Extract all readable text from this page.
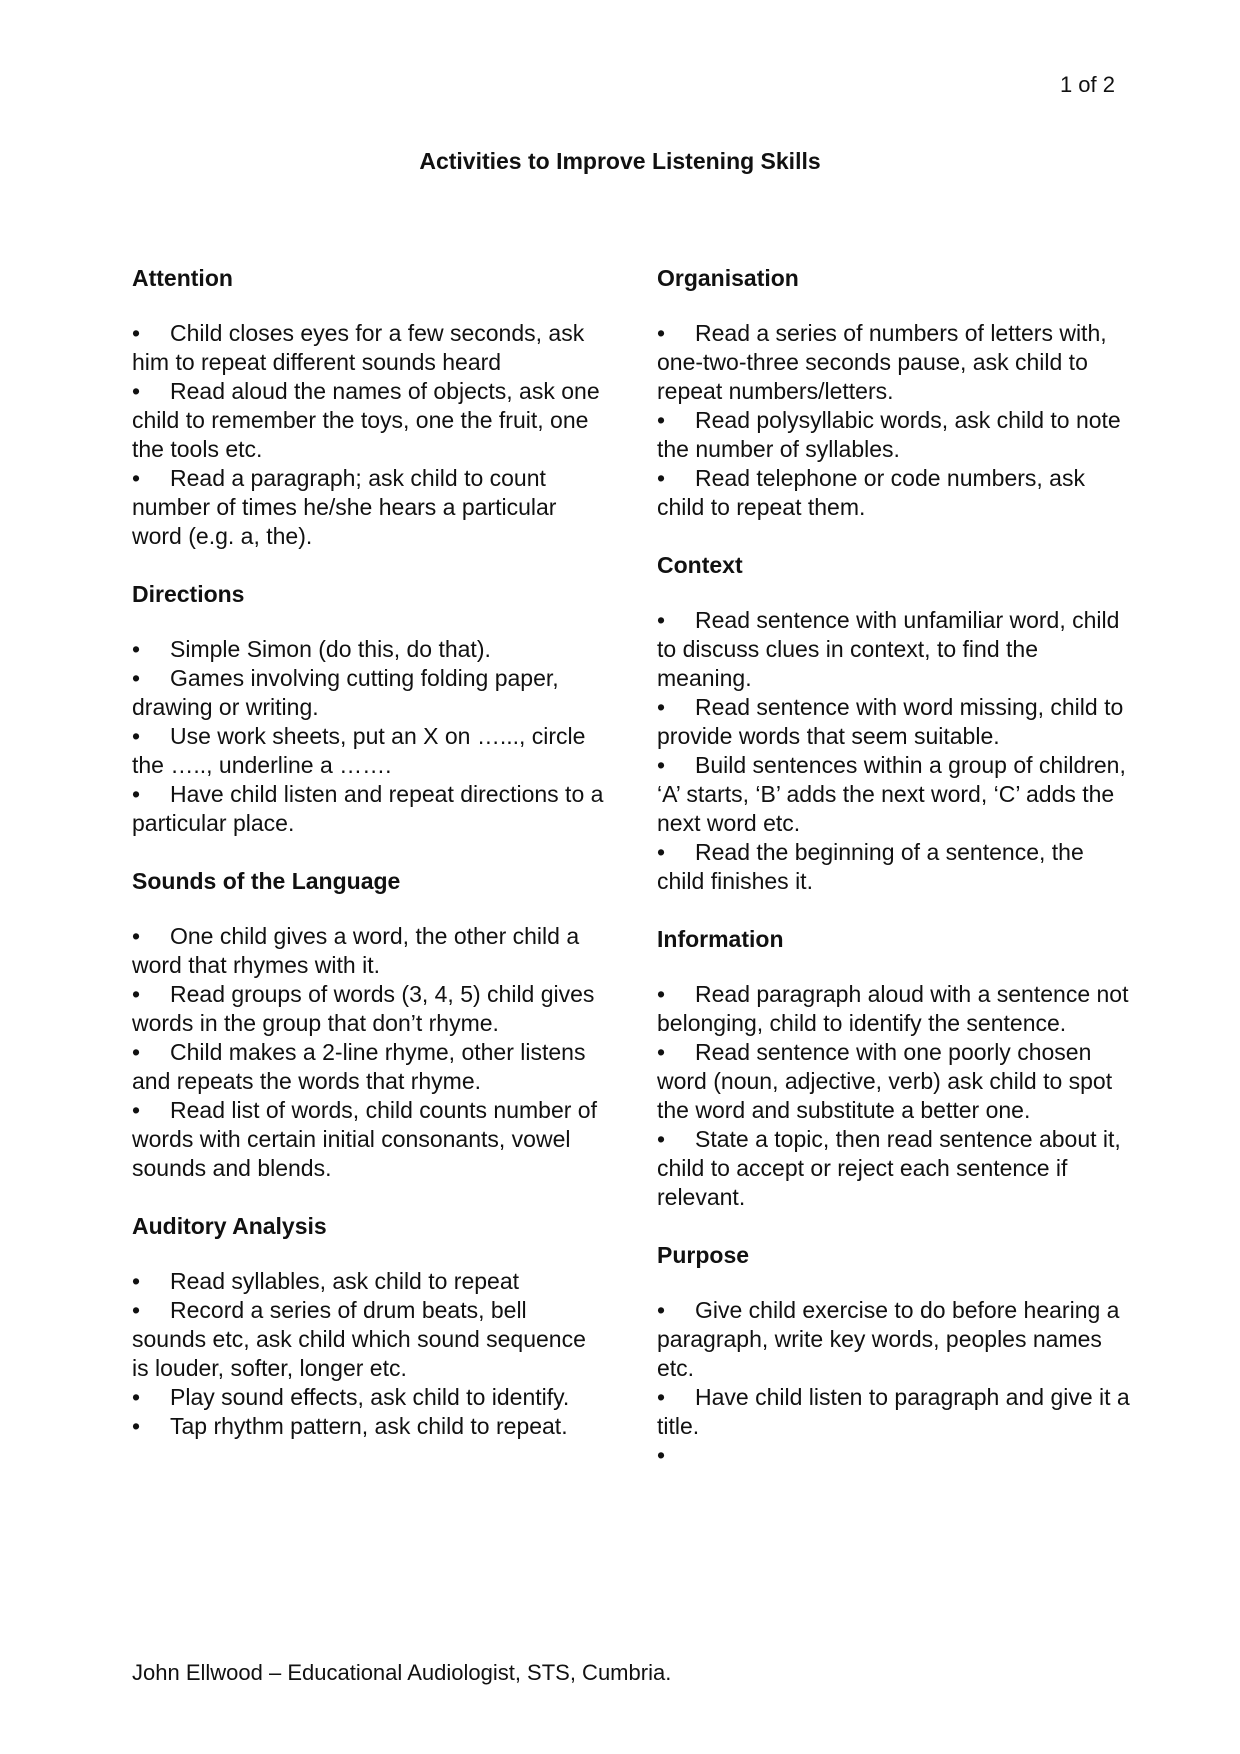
1 of 2
Activities to Improve Listening Skills
Attention
• Child closes eyes for a few seconds, ask him to repeat different sounds heard
• Read aloud the names of objects, ask one child to remember the toys, one the fruit, one the tools etc.
• Read a paragraph; ask child to count number of times he/she hears a particular word (e.g. a, the).
Directions
• Simple Simon (do this, do that).
• Games involving cutting folding paper, drawing or writing.
• Use work sheets, put an X on …..., circle the ….., underline a …….
• Have child listen and repeat directions to a particular place.
Sounds of the Language
• One child gives a word, the other child a word that rhymes with it.
• Read groups of words (3, 4, 5) child gives words in the group that don’t rhyme.
• Child makes a 2-line rhyme, other listens and repeats the words that rhyme.
• Read list of words, child counts number of words with certain initial consonants, vowel sounds and blends.
Auditory Analysis
• Read syllables, ask child to repeat
• Record a series of drum beats, bell sounds etc, ask child which sound sequence is louder, softer, longer etc.
• Play sound effects, ask child to identify.
• Tap rhythm pattern, ask child to repeat.
Organisation
• Read a series of numbers of letters with, one-two-three seconds pause, ask child to repeat numbers/letters.
• Read polysyllabic words, ask child to note the number of syllables.
• Read telephone or code numbers, ask child to repeat them.
Context
• Read sentence with unfamiliar word, child to discuss clues in context, to find the meaning.
• Read sentence with word missing, child to provide words that seem suitable.
• Build sentences within a group of children, ‘A’ starts, ‘B’ adds the next word, ‘C’ adds the next word etc.
• Read the beginning of a sentence, the child finishes it.
Information
• Read paragraph aloud with a sentence not belonging, child to identify the sentence.
• Read sentence with one poorly chosen word (noun, adjective, verb) ask child to spot the word and substitute a better one.
• State a topic, then read sentence about it, child to accept or reject each sentence if relevant.
Purpose
• Give child exercise to do before hearing a paragraph, write key words, peoples names etc.
• Have child listen to paragraph and give it a title.
•
John Ellwood – Educational Audiologist, STS, Cumbria.
